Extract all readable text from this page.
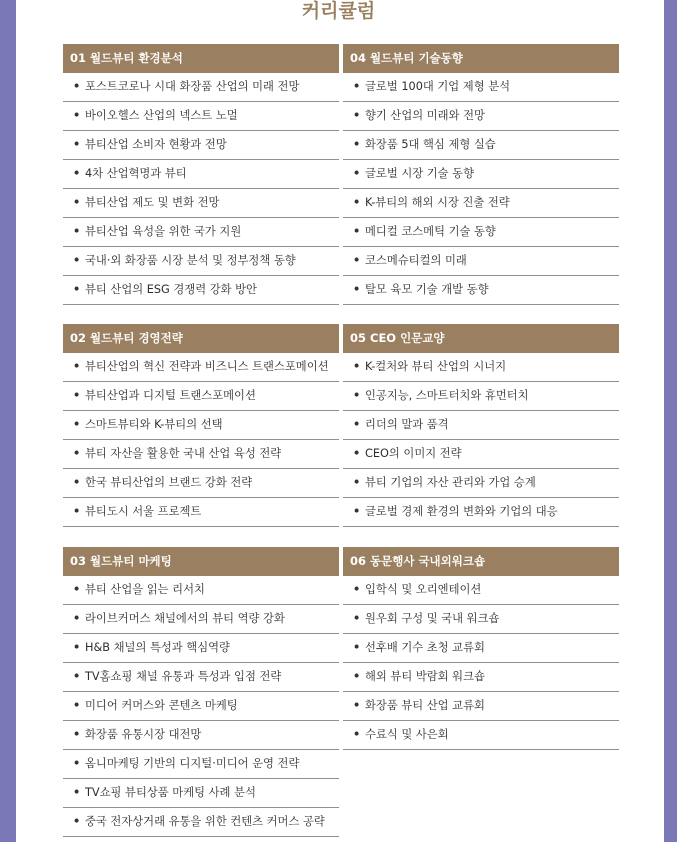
커리큘럼
01 월드뷰티 환경분석
• 포스트코로나 시대 화장품 산업의 미래 전망
• 바이오헬스 산업의 넥스트 노멀
• 뷰티산업 소비자 현황과 전망
• 4차 산업혁명과 뷰티
• 뷰티산업 제도 및 변화 전망
• 뷰티산업 육성을 위한 국가 지원
• 국내·외 화장품 시장 분석 및 정부정책 동향
• 뷰티 산업의 ESG 경쟁력 강화 방안
04 월드뷰티 기술동향
• 글로벌 100대 기업 제형 분석
• 향기 산업의 미래와 전망
• 화장품 5대 핵심 제형 실습
• 글로벌 시장 기술 동향
• K-뷰티의 해외 시장 진출 전략
• 메디컬 코스메틱 기술 동향
• 코스메슈티컬의 미래
• 탈모 육모 기술 개발 동향
02 월드뷰티 경영전략
• 뷰티산업의 혁신 전략과 비즈니스 트랜스포메이션
• 뷰티산업과 디지털 트랜스포메이션
• 스마트뷰티와 K-뷰티의 선택
• 뷰티 자산을 활용한 국내 산업 육성 전략
• 한국 뷰티산업의 브랜드 강화 전략
• 뷰티도시 서울 프로젝트
05 CEO 인문교양
• K-컬처와 뷰티 산업의 시너지
• 인공지능, 스마트터치와 휴먼터치
• 리더의 말과 품격
• CEO의 이미지 전략
• 뷰티 기업의 자산 관리와 가업 승계
• 글로벌 경제 환경의 변화와 기업의 대응
03 월드뷰티 마케팅
• 뷰티 산업을 읽는 리서치
• 라이브커머스 채널에서의 뷰티 역량 강화
• H&B 채널의 특성과 핵심역량
• TV홈쇼핑 채널 유통과 특성과 입점 전략
• 미디어 커머스와 콘텐츠 마케팅
• 화장품 유통시장 대전망
• 옴니마케팅 기반의 디지털·미디어 운영 전략
• TV쇼핑 뷰티상품 마케팅 사례 분석
• 중국 전자상거래 유통을 위한 컨텐츠 커머스 공략
06 동문행사 국내외워크숍
• 입학식 및 오리엔테이션
• 원우회 구성 및 국내 워크숍
• 선후배 기수 초청 교류회
• 해외 뷰티 박람회 워크숍
• 화장품 뷰티 산업 교류회
• 수료식 및 사은회
